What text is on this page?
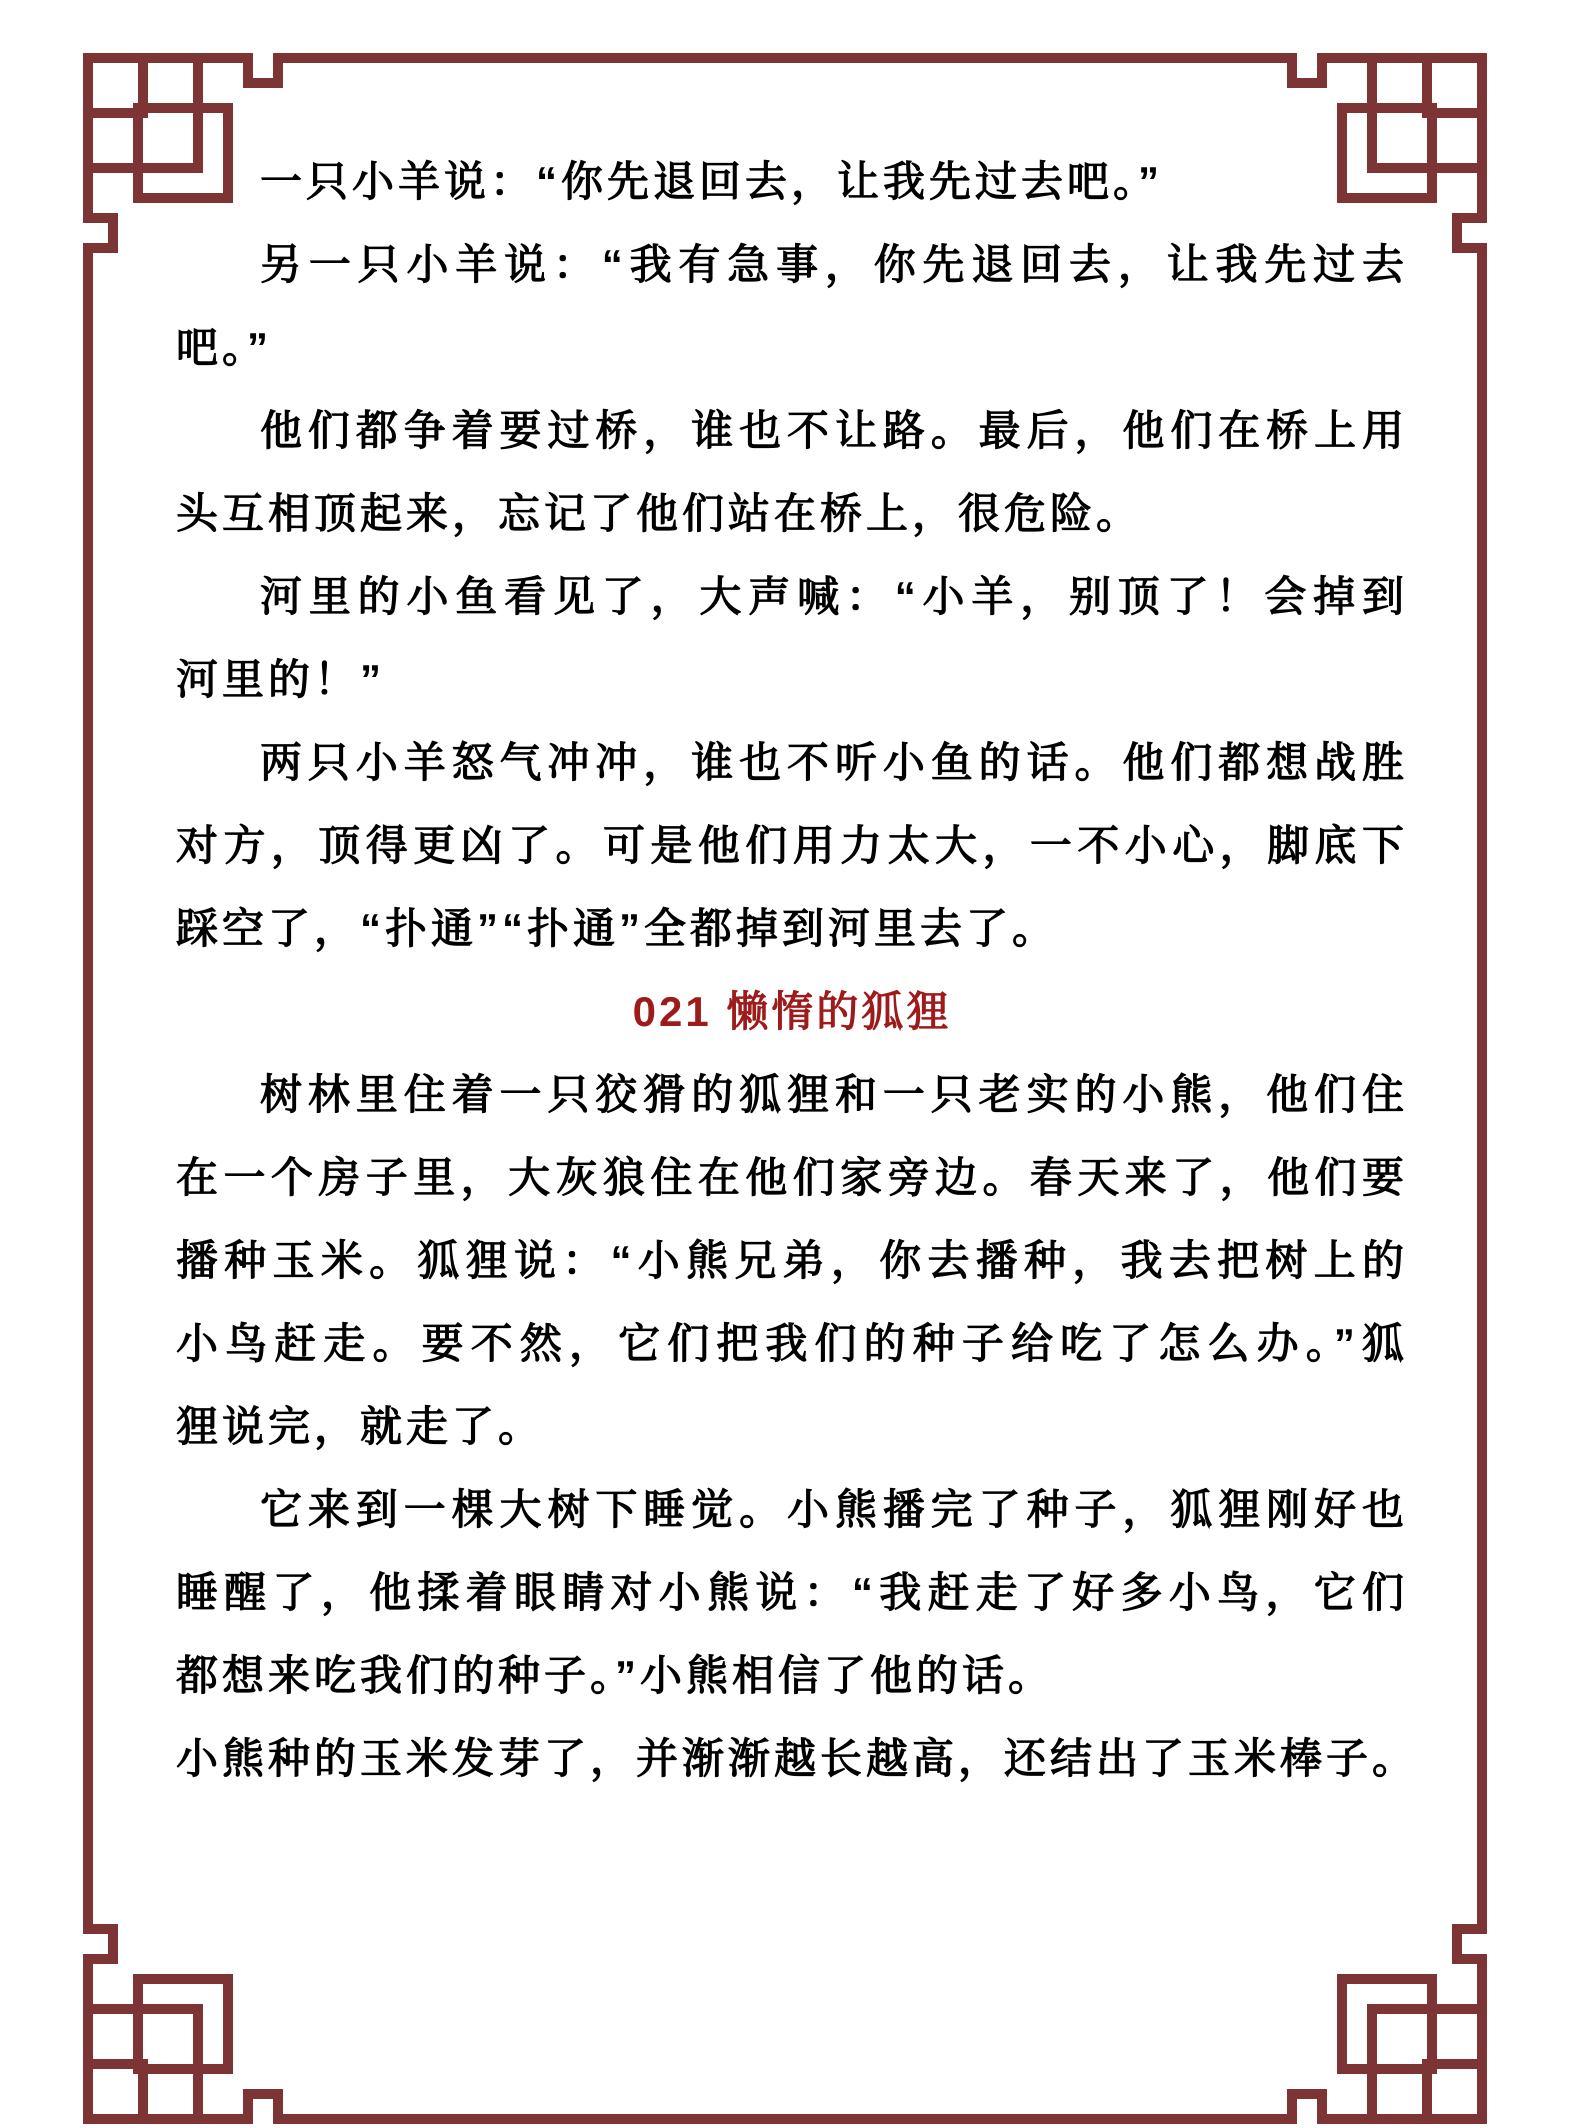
一只小羊说：“你先退回去，让我先过去吧。”
另一只小羊说：“我有急事，你先退回去，让我先过去
吧。”
他们都争着要过桥，谁也不让路。最后，他们在桥上用
头互相顶起来，忘记了他们站在桥上，很危险。
河里的小鱼看见了，大声喊：“小羊，别顶了！会掉到
河里的！”
两只小羊怒气冲冲，谁也不听小鱼的话。他们都想战胜
对方，顶得更凶了。可是他们用力太大，一不小心，脚底下
踩空了，“扑通”“扑通”全都掉到河里去了。
021 懒惰的狐狸
树林里住着一只狡猾的狐狸和一只老实的小熊，他们住
在一个房子里，大灰狼住在他们家旁边。春天来了，他们要
播种玉米。狐狸说：“小熊兄弟，你去播种，我去把树上的
小鸟赶走。要不然，它们把我们的种子给吃了怎么办。”狐
狸说完，就走了。
它来到一棵大树下睡觉。小熊播完了种子，狐狸刚好也
睡醒了，他揉着眼睛对小熊说：“我赶走了好多小鸟，它们
都想来吃我们的种子。”小熊相信了他的话。
小熊种的玉米发芽了，并渐渐越长越高，还结出了玉米棒子。
